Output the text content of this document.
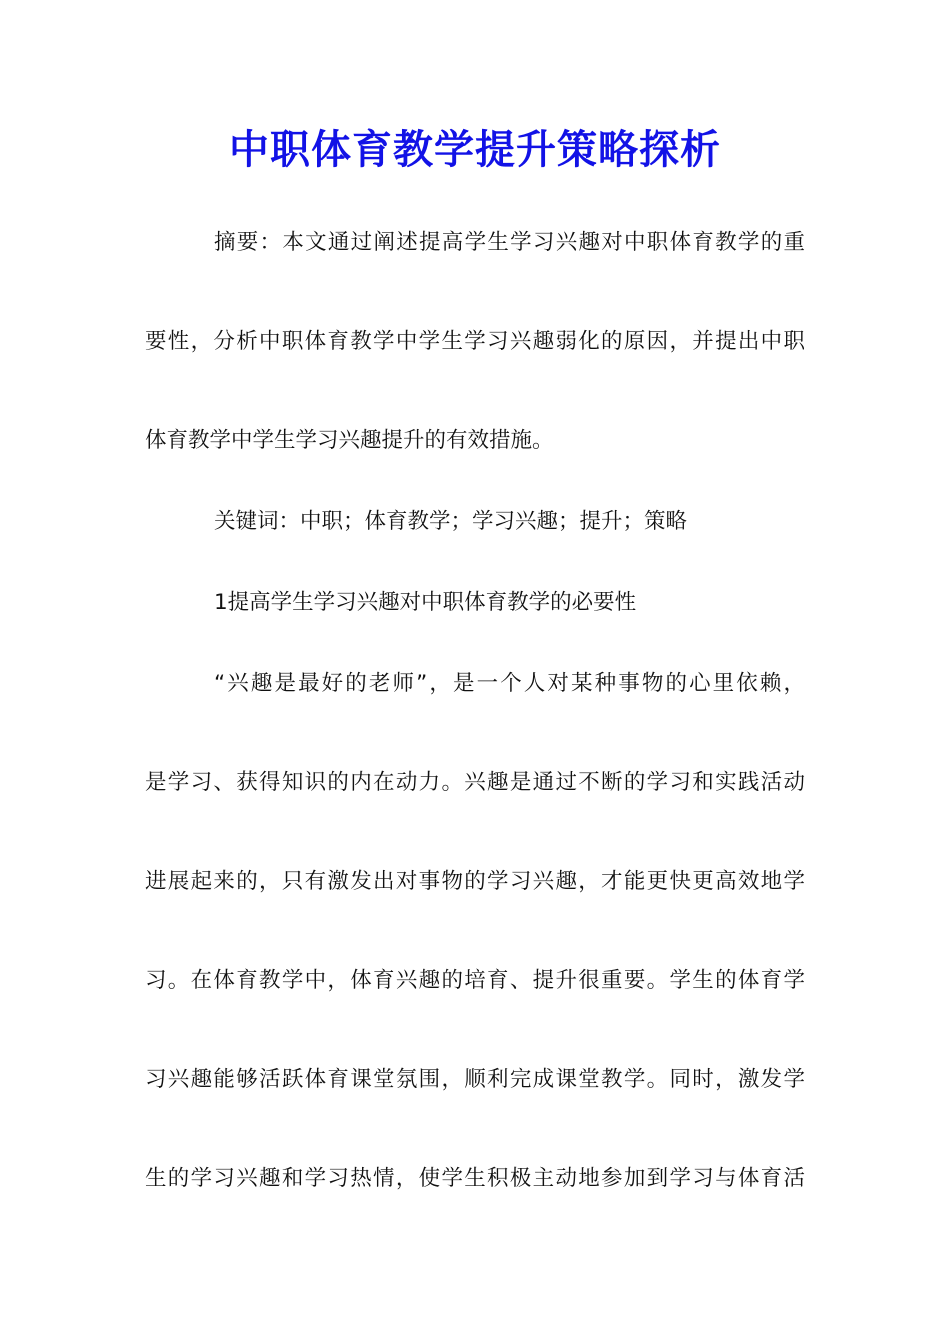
中职体育教学提升策略探析

摘要：本文通过阐述提高学生学习兴趣对中职体育教学的重

要性，分析中职体育教学中学生学习兴趣弱化的原因，并提出中职

体育教学中学生学习兴趣提升的有效措施。

关键词：中职；体育教学；学习兴趣；提升；策略

1提高学生学习兴趣对中职体育教学的必要性

“兴趣是最好的老师”，是一个人对某种事物的心里依赖，

是学习、获得知识的内在动力。兴趣是通过不断的学习和实践活动

进展起来的，只有激发出对事物的学习兴趣，才能更快更高效地学

习。在体育教学中，体育兴趣的培育、提升很重要。学生的体育学

习兴趣能够活跃体育课堂氛围，顺利完成课堂教学。同时，激发学

生的学习兴趣和学习热情，使学生积极主动地参加到学习与体育活
